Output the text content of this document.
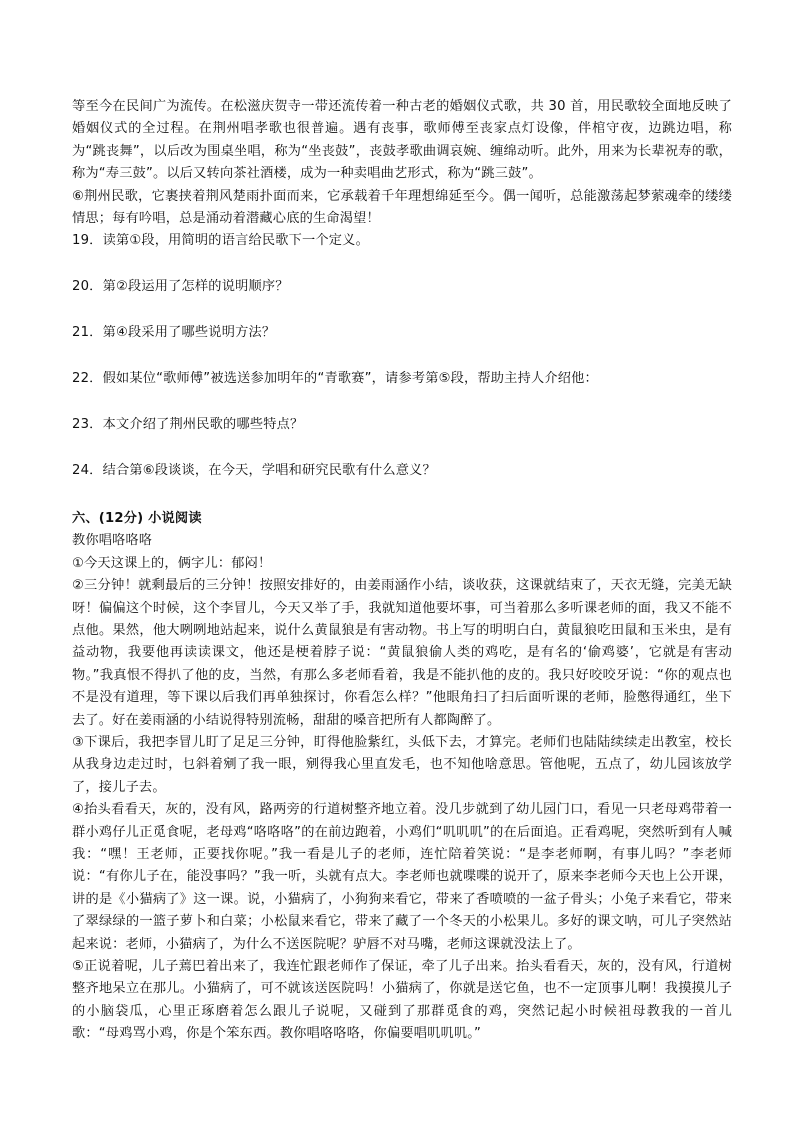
等至今在民间广为流传。在松滋庆贺寺一带还流传着一种古老的婚姻仪式歌，共 30 首，用民歌较全面地反映了婚姻仪式的全过程。在荆州唱孝歌也很普遍。遇有丧事，歌师傅至丧家点灯设像，伴棺守夜，边跳边唱，称为“跳丧舞”，以后改为围桌坐唱，称为“坐丧鼓”，丧鼓孝歌曲调哀婉、缠绵动听。此外，用来为长辈祝寿的歌，称为“寿三鼓”。以后又转向茶社酒楼，成为一种卖唱曲艺形式，称为“跳三鼓”。

⑥荆州民歌，它裹挟着荆风楚雨扑面而来，它承载着千年理想绵延至今。偶一闻听，总能激荡起梦萦魂牵的缕缕情思；每有吟唱，总是涌动着潜藏心底的生命渴望！

19．读第①段，用简明的语言给民歌下一个定义。

20．第②段运用了怎样的说明顺序？

21．第④段采用了哪些说明方法？

22．假如某位“歌师傅”被选送参加明年的“青歌赛”，请参考第⑤段，帮助主持人介绍他：

23．本文介绍了荆州民歌的哪些特点？

24．结合第⑥段谈谈，在今天，学唱和研究民歌有什么意义？

六、(12分) 小说阅读

教你唱咯咯咯

①今天这课上的，俩字儿：郁闷！

②三分钟！就剩最后的三分钟！按照安排好的，由姜雨涵作小结，谈收获，这课就结束了，天衣无缝，完美无缺呀！偏偏这个时候，这个李冒儿，今天又举了手，我就知道他要坏事，可当着那么多听课老师的面，我又不能不点他。果然，他大咧咧地站起来，说什么黄鼠狼是有害动物。书上写的明明白白，黄鼠狼吃田鼠和玉米虫，是有益动物，我要他再读读课文，他还是梗着脖子说：“黄鼠狼偷人类的鸡吃，是有名的‘偷鸡婆’，它就是有害动物。”我真恨不得扒了他的皮，当然，有那么多老师看着，我是不能扒他的皮的。我只好咬咬牙说：“你的观点也不是没有道理，等下课以后我们再单独探讨，你看怎么样？”他眼角扫了扫后面听课的老师，脸憋得通红，坐下去了。好在姜雨涵的小结说得特别流畅，甜甜的嗓音把所有人都陶醉了。

③下课后，我把李冒儿盯了足足三分钟，盯得他脸紫红，头低下去，才算完。老师们也陆陆续续走出教室，校长从我身边走过时，乜斜着剜了我一眼，剜得我心里直发毛，也不知他啥意思。管他呢，五点了，幼儿园该放学了，接儿子去。

④抬头看看天，灰的，没有风，路两旁的行道树整齐地立着。没几步就到了幼儿园门口，看见一只老母鸡带着一群小鸡仔儿正觅食呢，老母鸡“咯咯咯”的在前边跑着，小鸡们“叽叽叽”的在后面追。正看鸡呢，突然听到有人喊我：“嘿！王老师，正要找你呢。”我一看是儿子的老师，连忙陪着笑说：“是李老师啊，有事儿吗？”李老师说：“有你儿子在，能没事吗？”我一听，头就有点大。李老师也就喋喋的说开了，原来李老师今天也上公开课，讲的是《小猫病了》这一课。说，小猫病了，小狗狗来看它，带来了香喷喷的一盆子骨头；小兔子来看它，带来了翠绿绿的一篮子萝卜和白菜；小松鼠来看它，带来了藏了一个冬天的小松果儿。多好的课文呐，可儿子突然站起来说：老师，小猫病了，为什么不送医院呢？驴唇不对马嘴，老师这课就没法上了。

⑤正说着呢，儿子蔫巴着出来了，我连忙跟老师作了保证，牵了儿子出来。抬头看看天，灰的，没有风，行道树整齐地呆立在那儿。小猫病了，可不就该送医院吗！小猫病了，你就是送它鱼，也不一定顶事儿啊！我摸摸儿子的小脑袋瓜，心里正琢磨着怎么跟儿子说呢，又碰到了那群觅食的鸡，突然记起小时候祖母教我的一首儿歌：“母鸡骂小鸡，你是个笨东西。教你唱咯咯咯，你偏要唱叽叽叽。”
